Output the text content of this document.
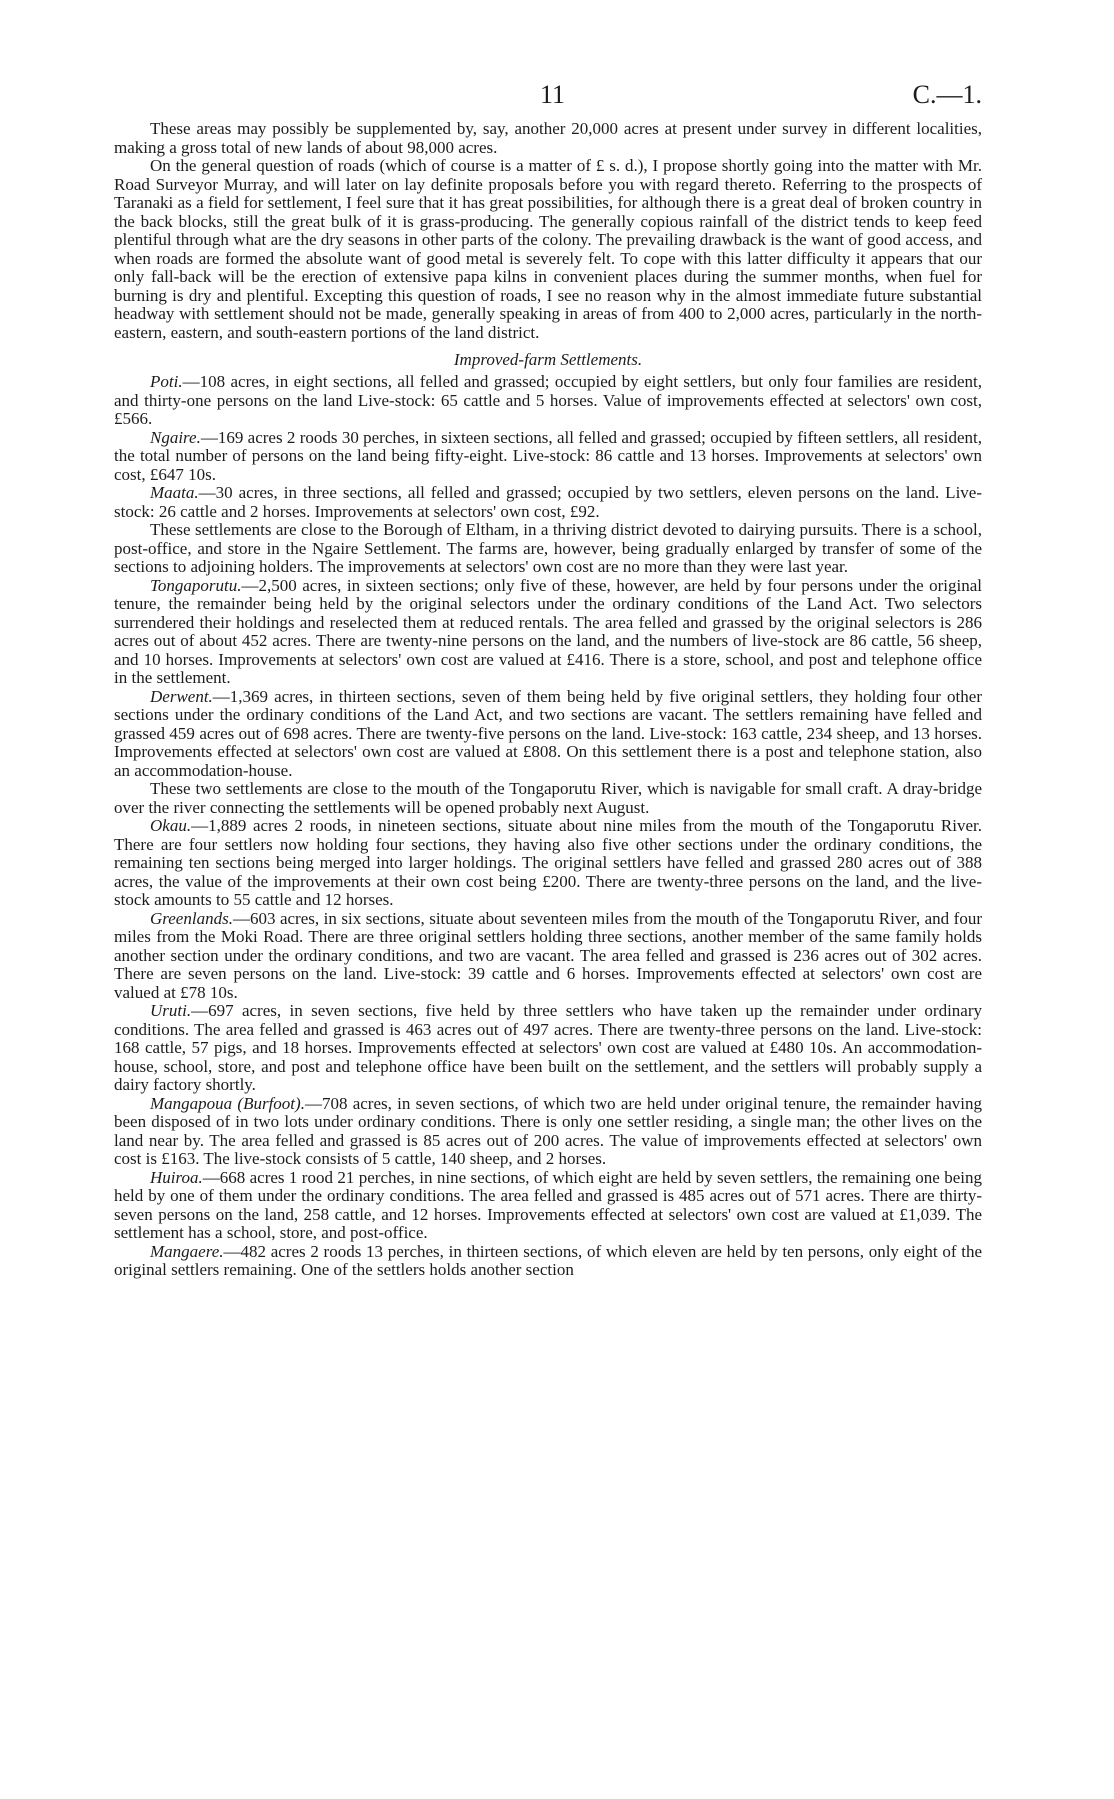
11	C.—1.

These areas may possibly be supplemented by, say, another 20,000 acres at present under survey in different localities, making a gross total of new lands of about 98,000 acres.

On the general question of roads (which of course is a matter of £ s. d.), I propose shortly going into the matter with Mr. Road Surveyor Murray, and will later on lay definite proposals before you with regard thereto. Referring to the prospects of Taranaki as a field for settlement, I feel sure that it has great possibilities, for although there is a great deal of broken country in the back blocks, still the great bulk of it is grass-producing. The generally copious rainfall of the district tends to keep feed plentiful through what are the dry seasons in other parts of the colony. The prevailing drawback is the want of good access, and when roads are formed the absolute want of good metal is severely felt. To cope with this latter difficulty it appears that our only fall-back will be the erection of extensive papa kilns in convenient places during the summer months, when fuel for burning is dry and plentiful. Excepting this question of roads, I see no reason why in the almost immediate future substantial headway with settlement should not be made, generally speaking in areas of from 400 to 2,000 acres, particularly in the north-eastern, eastern, and south-eastern portions of the land district.

Improved-farm Settlements.

Poti.—108 acres, in eight sections, all felled and grassed; occupied by eight settlers, but only four families are resident, and thirty-one persons on the land Live-stock: 65 cattle and 5 horses. Value of improvements effected at selectors' own cost, £566.

Ngaire.—169 acres 2 roods 30 perches, in sixteen sections, all felled and grassed; occupied by fifteen settlers, all resident, the total number of persons on the land being fifty-eight. Live-stock: 86 cattle and 13 horses. Improvements at selectors' own cost, £647 10s.

Maata.—30 acres, in three sections, all felled and grassed; occupied by two settlers, eleven persons on the land. Live-stock: 26 cattle and 2 horses. Improvements at selectors' own cost, £92.

These settlements are close to the Borough of Eltham, in a thriving district devoted to dairying pursuits. There is a school, post-office, and store in the Ngaire Settlement. The farms are, however, being gradually enlarged by transfer of some of the sections to adjoining holders. The improvements at selectors' own cost are no more than they were last year.

Tongaporutu.—2,500 acres, in sixteen sections; only five of these, however, are held by four persons under the original tenure, the remainder being held by the original selectors under the ordinary conditions of the Land Act. Two selectors surrendered their holdings and reselected them at reduced rentals. The area felled and grassed by the original selectors is 286 acres out of about 452 acres. There are twenty-nine persons on the land, and the numbers of live-stock are 86 cattle, 56 sheep, and 10 horses. Improvements at selectors' own cost are valued at £416. There is a store, school, and post and telephone office in the settlement.

Derwent.—1,369 acres, in thirteen sections, seven of them being held by five original settlers, they holding four other sections under the ordinary conditions of the Land Act, and two sections are vacant. The settlers remaining have felled and grassed 459 acres out of 698 acres. There are twenty-five persons on the land. Live-stock: 163 cattle, 234 sheep, and 13 horses. Improvements effected at selectors' own cost are valued at £808. On this settlement there is a post and telephone station, also an accommodation-house.

These two settlements are close to the mouth of the Tongaporutu River, which is navigable for small craft. A dray-bridge over the river connecting the settlements will be opened probably next August.

Okau.—1,889 acres 2 roods, in nineteen sections, situate about nine miles from the mouth of the Tongaporutu River. There are four settlers now holding four sections, they having also five other sections under the ordinary conditions, the remaining ten sections being merged into larger holdings. The original settlers have felled and grassed 280 acres out of 388 acres, the value of the improvements at their own cost being £200. There are twenty-three persons on the land, and the live-stock amounts to 55 cattle and 12 horses.

Greenlands.—603 acres, in six sections, situate about seventeen miles from the mouth of the Tongaporutu River, and four miles from the Moki Road. There are three original settlers holding three sections, another member of the same family holds another section under the ordinary conditions, and two are vacant. The area felled and grassed is 236 acres out of 302 acres. There are seven persons on the land. Live-stock: 39 cattle and 6 horses. Improvements effected at selectors' own cost are valued at £78 10s.

Uruti.—697 acres, in seven sections, five held by three settlers who have taken up the remainder under ordinary conditions. The area felled and grassed is 463 acres out of 497 acres. There are twenty-three persons on the land. Live-stock: 168 cattle, 57 pigs, and 18 horses. Improvements effected at selectors' own cost are valued at £480 10s. An accommodation-house, school, store, and post and telephone office have been built on the settlement, and the settlers will probably supply a dairy factory shortly.

Mangapoua (Burfoot).—708 acres, in seven sections, of which two are held under original tenure, the remainder having been disposed of in two lots under ordinary conditions. There is only one settler residing, a single man; the other lives on the land near by. The area felled and grassed is 85 acres out of 200 acres. The value of improvements effected at selectors' own cost is £163. The live-stock consists of 5 cattle, 140 sheep, and 2 horses.

Huiroa.—668 acres 1 rood 21 perches, in nine sections, of which eight are held by seven settlers, the remaining one being held by one of them under the ordinary conditions. The area felled and grassed is 485 acres out of 571 acres. There are thirty-seven persons on the land, 258 cattle, and 12 horses. Improvements effected at selectors' own cost are valued at £1,039. The settlement has a school, store, and post-office.

Mangaere.—482 acres 2 roods 13 perches, in thirteen sections, of which eleven are held by ten persons, only eight of the original settlers remaining. One of the settlers holds another section
